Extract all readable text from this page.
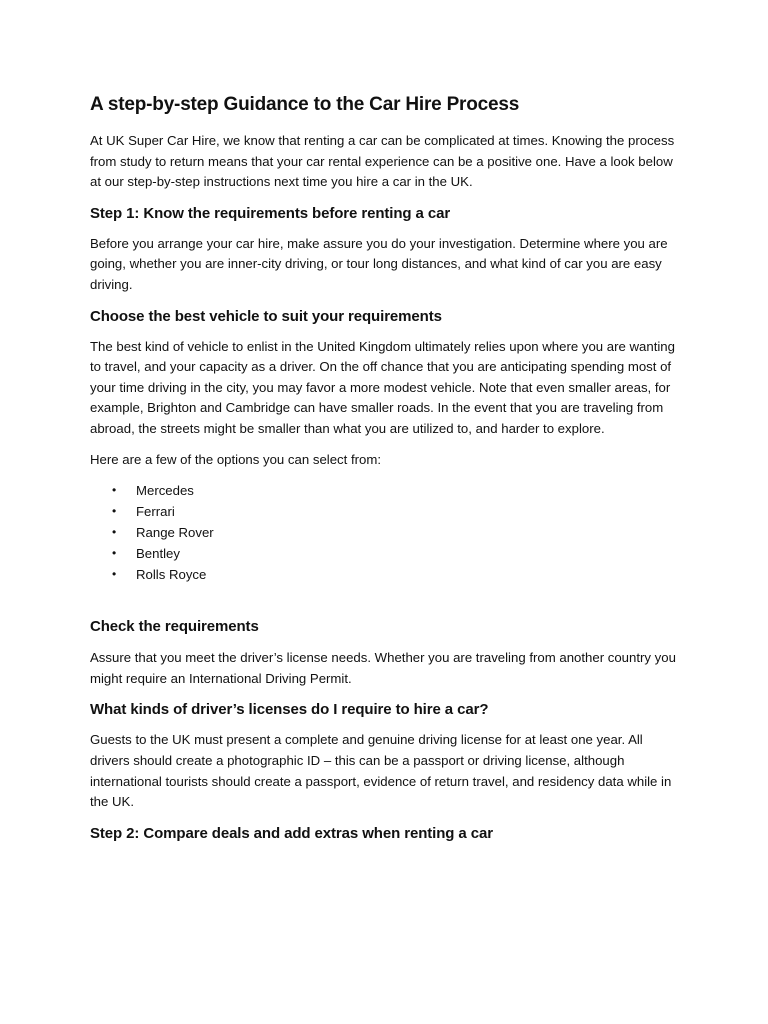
A step-by-step Guidance to the Car Hire Process

At UK Super Car Hire, we know that renting a car can be complicated at times. Knowing the process from study to return means that your car rental experience can be a positive one. Have a look below at our step-by-step instructions next time you hire a car in the UK.

Step 1: Know the requirements before renting a car

Before you arrange your car hire, make assure you do your investigation. Determine where you are going, whether you are inner-city driving, or tour long distances, and what kind of car you are easy driving.

Choose the best vehicle to suit your requirements

The best kind of vehicle to enlist in the United Kingdom ultimately relies upon where you are wanting to travel, and your capacity as a driver. On the off chance that you are anticipating spending most of your time driving in the city, you may favor a more modest vehicle. Note that even smaller areas, for example, Brighton and Cambridge can have smaller roads. In the event that you are traveling from abroad, the streets might be smaller than what you are utilized to, and harder to explore.

Here are a few of the options you can select from:

• Mercedes
• Ferrari
• Range Rover
• Bentley
• Rolls Royce
Check the requirements

Assure that you meet the driver’s license needs. Whether you are traveling from another country you might require an International Driving Permit.

What kinds of driver’s licenses do I require to hire a car?

Guests to the UK must present a complete and genuine driving license for at least one year. All drivers should create a photographic ID – this can be a passport or driving license, although international tourists should create a passport, evidence of return travel, and residency data while in the UK.

Step 2: Compare deals and add extras when renting a car
